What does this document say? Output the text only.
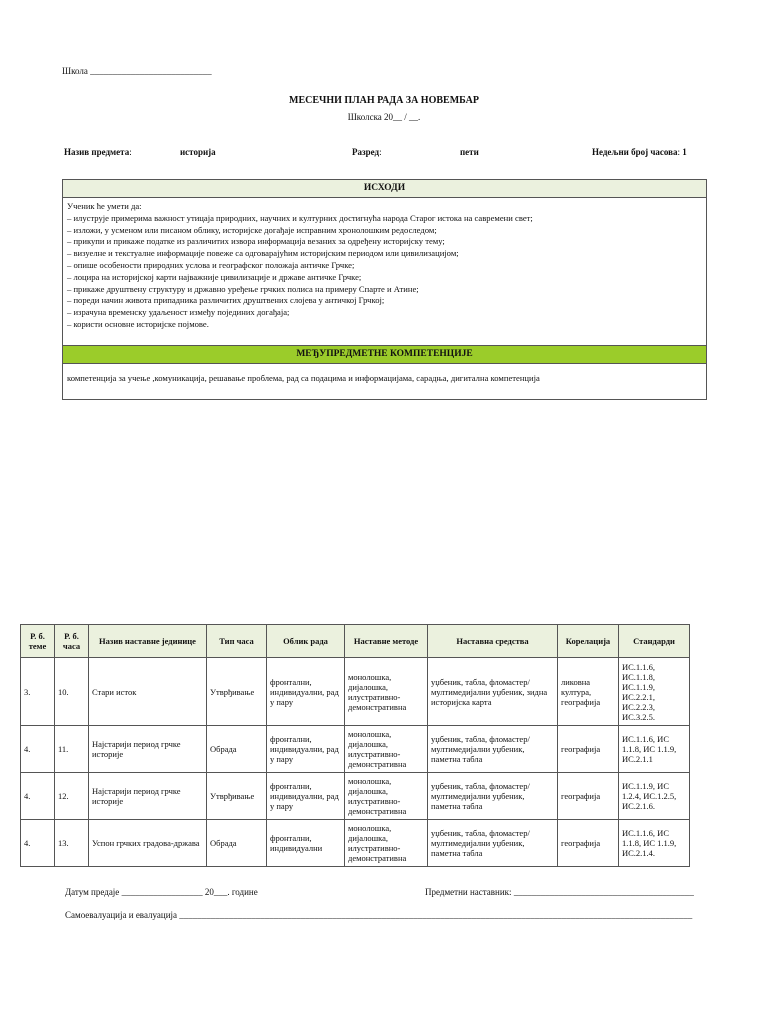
Школа ___________________________
МЕСЕЧНИ ПЛАН РАДА ЗА НОВЕМБАР
Школска 20__ / __.
Назив предмета:	историја	Разред:	пети	Недељни број часова: 1
ИСХОДИ
Ученик ће умети да:
– илуструје примерима важност утицаја природних, научних и културних достигнућа народа Старог истока на савремени свет;
– изложи, у усменом или писаном облику, историјске догађаје исправним хронолошким редоследом;
– прикупи и прикаже податке из различитих извора информација везаних за одређену историјску тему;
– визуелне и текстуалне информације повеже са одговарајућим историјским периодом или цивилизацијом;
– опише особености природних услова и географског положаја античке Грчке;
– лоцира на историјској карти најважније цивилизације и државе античке Грчке;
– прикаже друштвену структуру и државно уређење грчких полиса на примеру Спарте и Атине;
– пореди начин живота припадника различитих друштвених слојева у античкој Грчкој;
– израчуна временску удаљеност између појединих догађаја;
– користи основне историјске појмове.
МЕЂУПРЕДМЕТНЕ КОМПЕТЕНЦИЈЕ
компетенција за учење ,комуникација, решавање проблема, рад са подацима и информацијама, сарадња, дигитална компетенција
Р. б. теме	Р. б. часа	Назив наставне јединице	Тип часа	Облик рада	Наставне методе	Наставна средства	Корелација	Стандарди
3.	10.	Стари исток	Утврђивање	фронтални, индивидуални, рад у пару	монолошка, дијалошка, илустративно-демонстративна	уџбеник, табла, фломастер/мултимедијални уџбеник, зидна историјска карта	ликовна култура, географија	ИС.1.1.6, ИС.1.1.8, ИС.1.1.9, ИС.2.2.1, ИС.2.2.3, ИС.3.2.5.
4.	11.	Најстарији период грчке историје	Обрада	фронтални, индивидуални, рад у пару	монолошка, дијалошка, илустративно-демонстративна	уџбеник, табла, фломастер/мултимедијални уџбеник, паметна табла	географија	ИС.1.1.6, ИС 1.1.8, ИС 1.1.9, ИС.2.1.1
4.	12.	Најстарији период грчке историје	Утврђивање	фронтални, индивидуални, рад у пару	монолошка, дијалошка, илустративно-демонстративна	уџбеник, табла, фломастер/мултимедијални уџбеник, паметна табла	географија	ИС.1.1.9, ИС 1.2.4, ИС.1.2.5, ИС.2.1.6.
4.	13.	Успон грчких градова-држава	Обрада	фронтални, индивидуални	монолошка, дијалошка, илустративно-демонстративна	уџбеник, табла, фломастер/мултимедијални уџбеник, паметна табла	географија	ИС.1.1.6, ИС 1.1.8, ИС 1.1.9, ИС.2.1.4.
Датум предаје __________________ 20___. године	Предметни наставник: ________________________________________
Самоевалуација и евалуација __________________________________________________________________________________________________________________
